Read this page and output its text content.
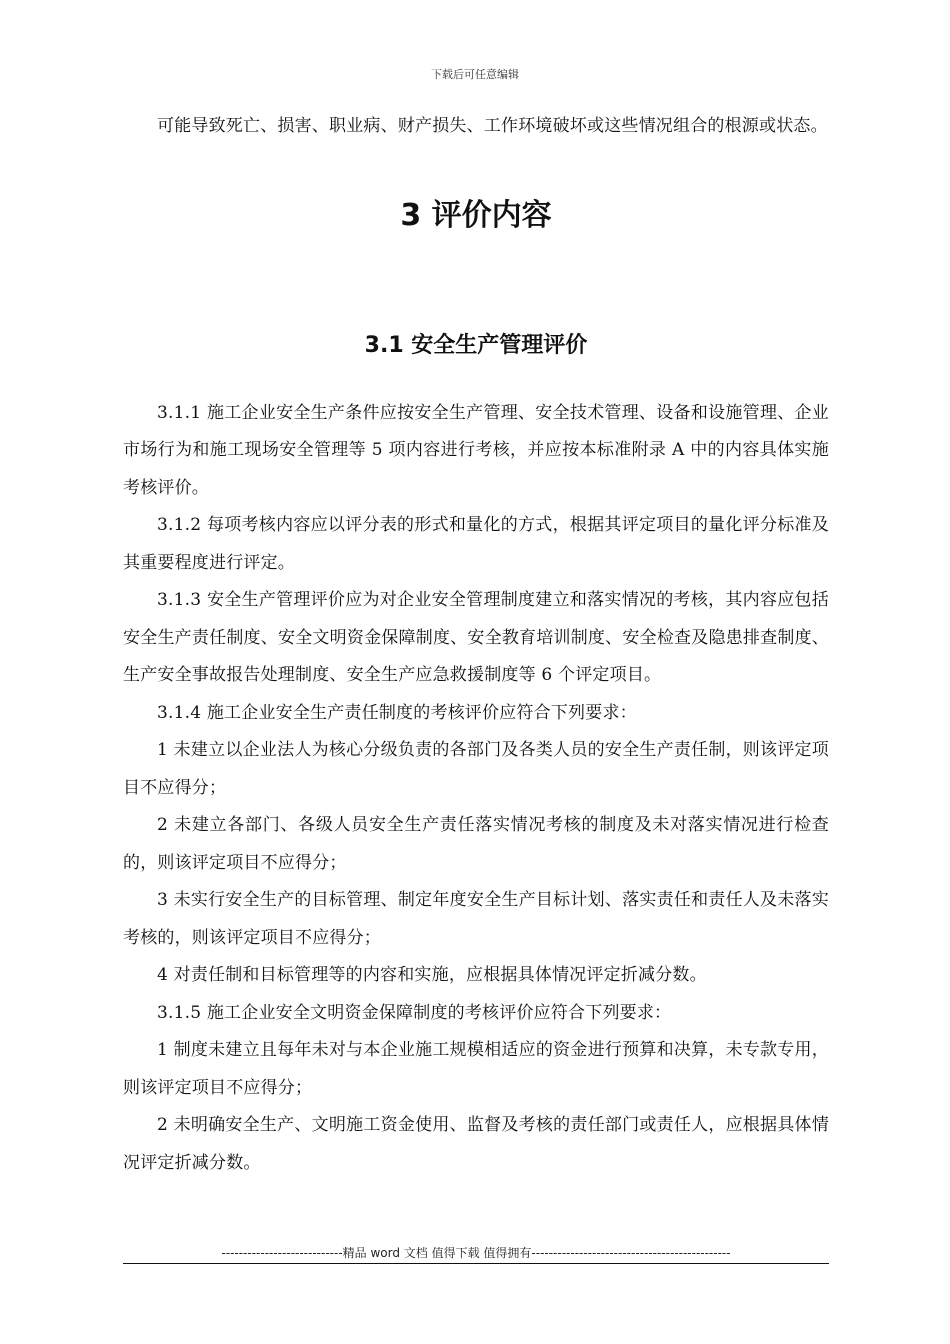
下载后可任意编辑

可能导致死亡、损害、职业病、财产损失、工作环境破坏或这些情况组合的根源或状态。

3 评价内容
3.1 安全生产管理评价

3.1.1 施工企业安全生产条件应按安全生产管理、安全技术管理、设备和设施管理、企业市场行为和施工现场安全管理等 5 项内容进行考核，并应按本标准附录 A 中的内容具体实施考核评价。

3.1.2 每项考核内容应以评分表的形式和量化的方式，根据其评定项目的量化评分标准及其重要程度进行评定。

3.1.3 安全生产管理评价应为对企业安全管理制度建立和落实情况的考核，其内容应包括安全生产责任制度、安全文明资金保障制度、安全教育培训制度、安全检查及隐患排查制度、生产安全事故报告处理制度、安全生产应急救援制度等 6 个评定项目。

3.1.4 施工企业安全生产责任制度的考核评价应符合下列要求：

1 未建立以企业法人为核心分级负责的各部门及各类人员的安全生产责任制，则该评定项目不应得分；

2 未建立各部门、各级人员安全生产责任落实情况考核的制度及未对落实情况进行检查的，则该评定项目不应得分；

3 未实行安全生产的目标管理、制定年度安全生产目标计划、落实责任和责任人及未落实考核的，则该评定项目不应得分；

4 对责任制和目标管理等的内容和实施，应根据具体情况评定折减分数。

3.1.5 施工企业安全文明资金保障制度的考核评价应符合下列要求：

1 制度未建立且每年未对与本企业施工规模相适应的资金进行预算和决算，未专款专用，则该评定项目不应得分；

2 未明确安全生产、文明施工资金使用、监督及考核的责任部门或责任人，应根据具体情况评定折减分数。

----------------------------精品 word 文档 值得下载 值得拥有----------------------------------------------
